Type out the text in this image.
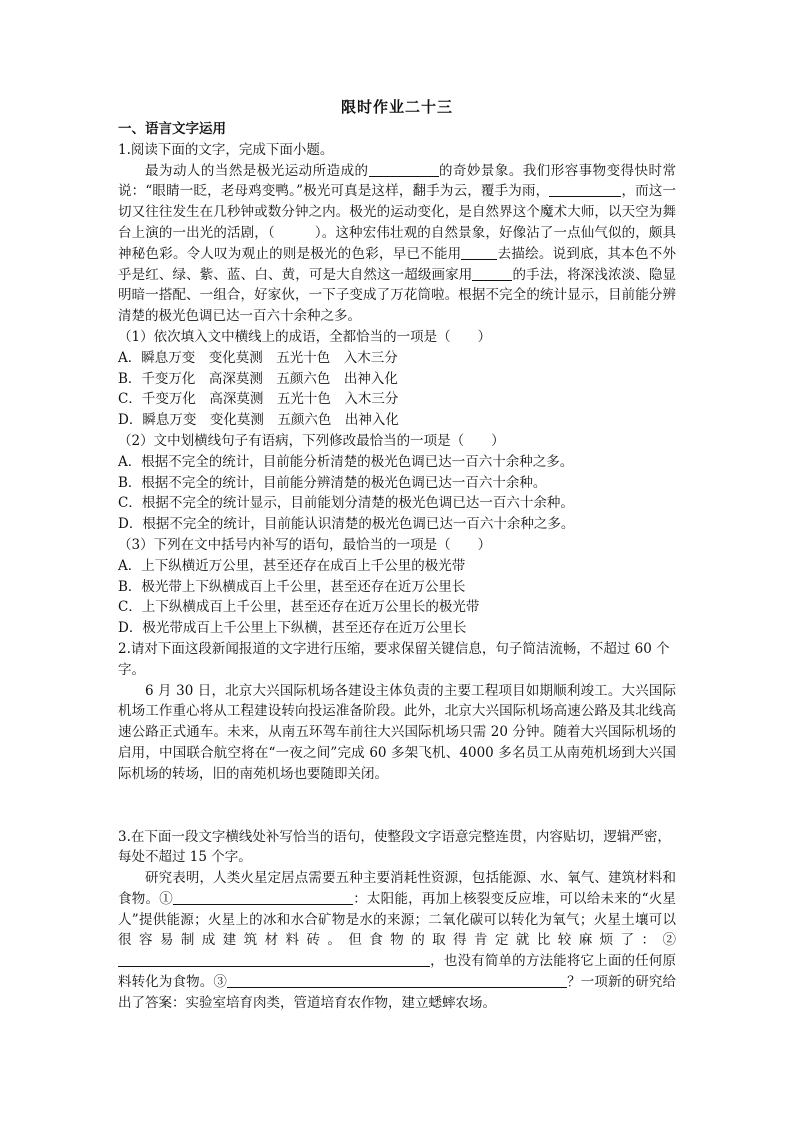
限时作业二十三
一、语言文字运用
1.阅读下面的文字，完成下面小题。
最为动人的当然是极光运动所造成的	的奇妙景象。我们形容事物变得快时常说：“眼睛一眨，老母鸡变鸭。”极光可真是这样，翻手为云，覆手为雨，	，而这一切又往往发生在几秒钟或数分钟之内。极光的运动变化，是自然界这个魔术大师，以天空为舞台上演的一出光的活剧，（	）。这种宏伟壮观的自然景象，好像沾了一点仙气似的，颇具神秘色彩。令人叹为观止的则是极光的色彩，早已不能用	去描绘。说到底，其本色不外乎是红、绿、紫、蓝、白、黄，可是大自然这一超级画家用	的手法，将深浅浓淡、隐显明暗一搭配、一组合，好家伙，一下子变成了万花筒啦。根据不完全的统计显示，目前能分辨清楚的极光色调已达一百六十余种之多。
（1）依次填入文中横线上的成语，全都恰当的一项是（　　）
A．瞬息万变　变化莫测　五光十色　入木三分
B．千变万化　高深莫测　五颜六色　出神入化
C．千变万化　高深莫测　五光十色　入木三分
D．瞬息万变　变化莫测　五颜六色　出神入化
（2）文中划横线句子有语病，下列修改最恰当的一项是（　　）
A．根据不完全的统计，目前能分析清楚的极光色调已达一百六十余种之多。
B．根据不完全的统计，目前能分辨清楚的极光色调已达一百六十余种。
C．根据不完全的统计显示，目前能划分清楚的极光色调已达一百六十余种。
D．根据不完全的统计，目前能认识清楚的极光色调已达一百六十余种之多。
（3）下列在文中括号内补写的语句，最恰当的一项是（　　）
A．上下纵横近万公里，甚至还存在成百上千公里的极光带
B．极光带上下纵横成百上千公里，甚至还存在近万公里长
C．上下纵横成百上千公里，甚至还存在近万公里长的极光带
D．极光带成百上千公里上下纵横，甚至还存在近万公里长
2.请对下面这段新闻报道的文字进行压缩，要求保留关键信息，句子简洁流畅，不超过 60 个字。
6 月 30 日，北京大兴国际机场各建设主体负责的主要工程项目如期顺利竣工。大兴国际机场工作重心将从工程建设转向投运准备阶段。此外，北京大兴国际机场高速公路及其北线高速公路正式通车。未来，从南五环驾车前往大兴国际机场只需 20 分钟。随着大兴国际机场的启用，中国联合航空将在“一夜之间”完成 60 多架飞机、4000 多名员工从南苑机场到大兴国际机场的转场，旧的南苑机场也要随即关闭。
3.在下面一段文字横线处补写恰当的语句，使整段文字语意完整连贯，内容贴切，逻辑严密，每处不超过 15 个字。
研究表明，人类火星定居点需要五种主要消耗性资源，包括能源、水、氧气、建筑材料和食物。①	：太阳能，再加上核裂变反应堆，可以给未来的“火星人”提供能源；火星上的冰和水合矿物是水的来源；二氧化碳可以转化为氧气；火星土壤可以很容易制成建筑材料砖。但食物的取得肯定就比较麻烦了：②，也没有简单的方法能将它上面的任何原料转化为食物。③	？一项新的研究给出了答案：实验室培育肉类，管道培育农作物，建立蟋蟀农场。
